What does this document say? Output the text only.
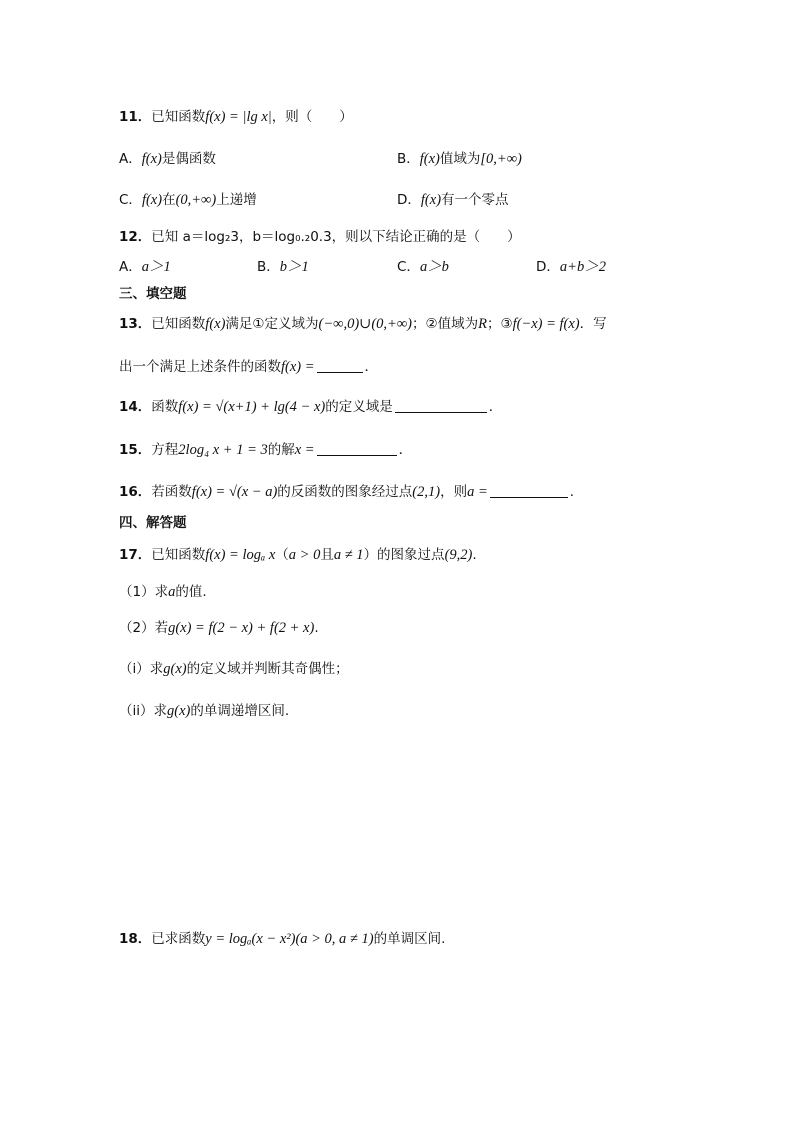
11．已知函数f(x) = |lg x|，则（　　）
A．f(x)是偶函数	B．f(x)值域为[0,+∞)
C．f(x)在(0,+∞)上递增	D．f(x)有一个零点
12．已知 a＝log₂3，b＝log₀.₂0.3，则以下结论正确的是（　　）
A．a＞1	B．b＞1	C．a＞b	D．a+b＞2
三、填空题
13．已知函数f(x)满足①定义域为(−∞,0)∪(0,+∞)；②值域为R；③f(−x) = f(x)．写
出一个满足上述条件的函数f(x) =	．
14．函数f(x) = √(x+1) + lg(4 − x)的定义域是	．
15．方程2log₄ x + 1 = 3的解x =	．
16．若函数f(x) = √(x − a)的反函数的图象经过点(2,1)，则a =	.
四、解答题
17．已知函数f(x) = logₐ x（a > 0且a ≠ 1）的图象过点(9,2).
（1）求a的值.
（2）若g(x) = f(2 − x) + f(2 + x).
（i）求g(x)的定义域并判断其奇偶性；
（ii）求g(x)的单调递增区间.
18．已求函数y = logₐ(x − x²)(a > 0, a ≠ 1)的单调区间.
